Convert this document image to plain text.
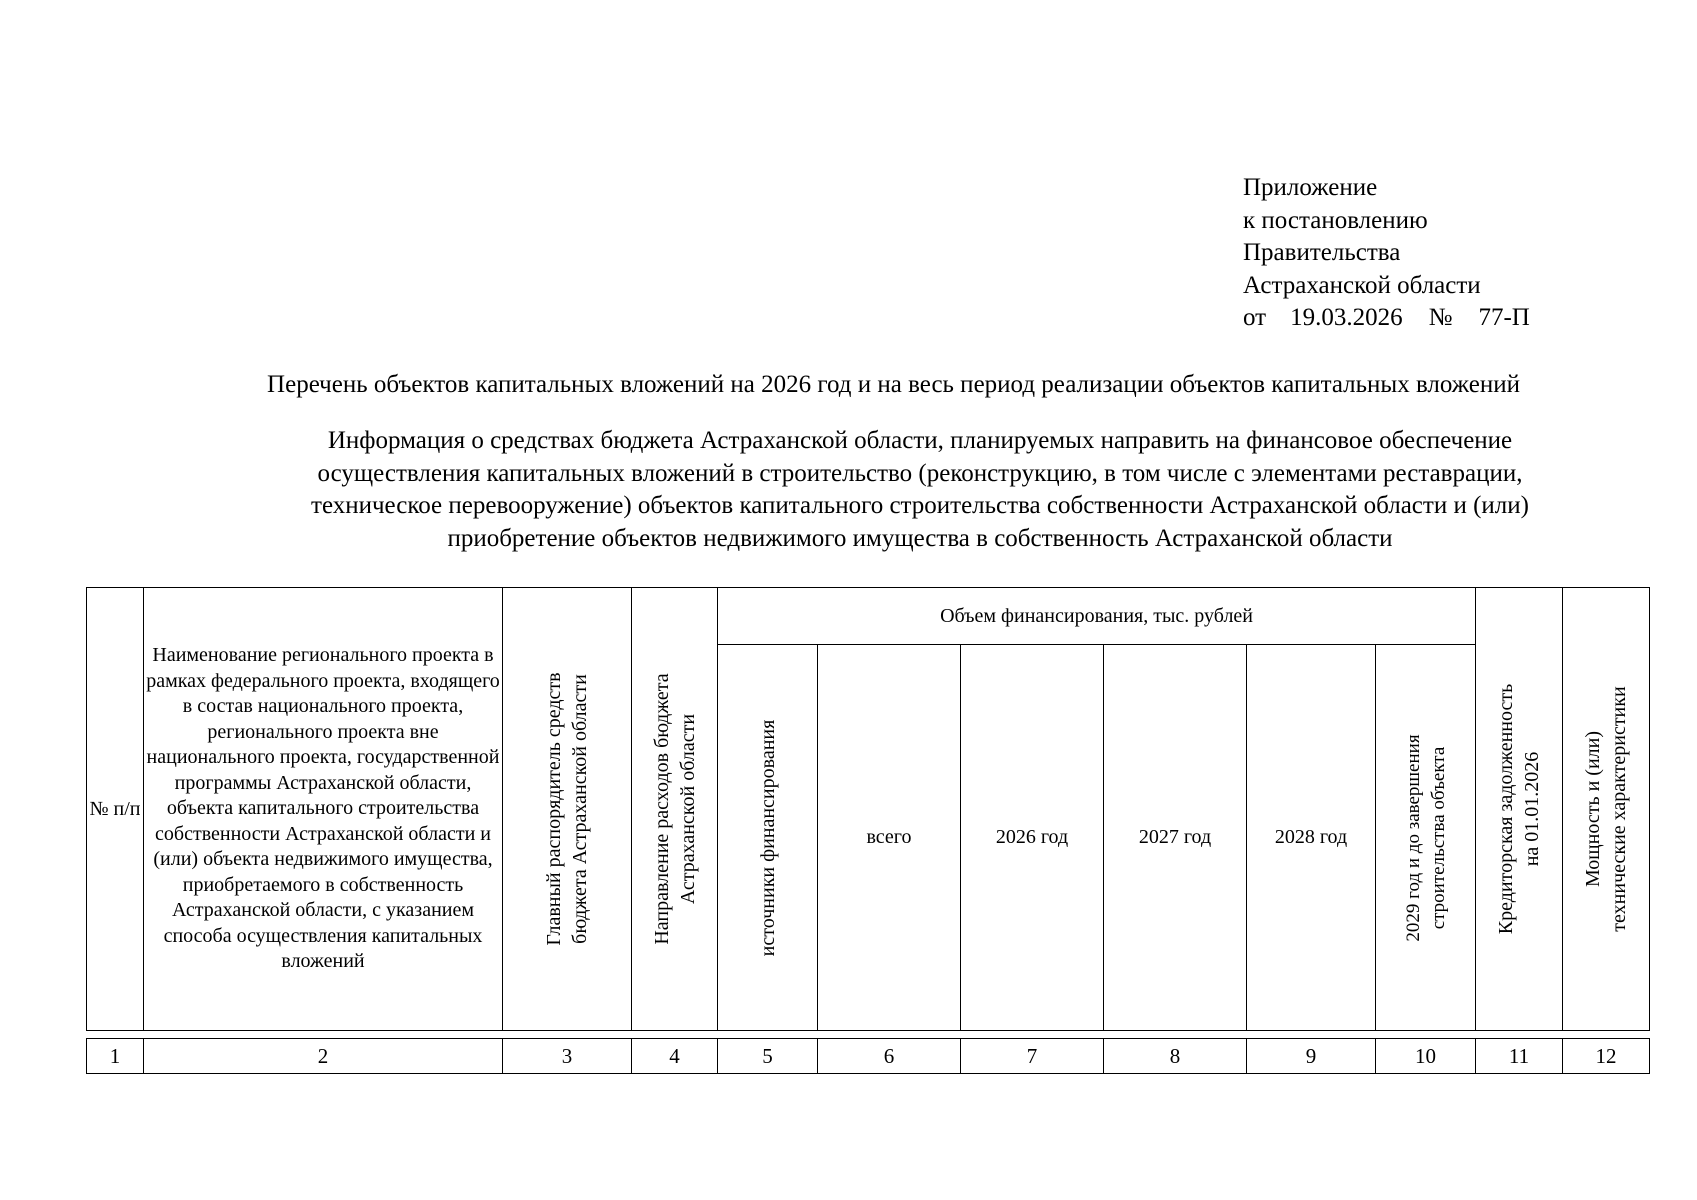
Приложение
к постановлению
Правительства
Астраханской области
от 19.03.2026 № 77-П
Перечень объектов капитальных вложений на 2026 год и на весь период реализации объектов капитальных вложений
Информация о средствах бюджета Астраханской области, планируемых направить на финансовое обеспечение
осуществления капитальных вложений в строительство (реконструкцию, в том числе с элементами реставрации,
техническое перевооружение) объектов капитального строительства собственности Астраханской области и (или)
приобретение объектов недвижимого имущества в собственность Астраханской области
№ п/п	Наименование регионального проекта в рамках федерального проекта, входящего в состав национального проекта, регионального проекта вне национального проекта, государственной программы Астраханской области, объекта капитального строительства собственности Астраханской области и (или) объекта недвижимого имущества, приобретаемого в собственность Астраханской области, с указанием способа осуществления капитальных вложений	Главный распорядитель средств бюджета Астраханской области	Направление расходов бюджета Астраханской области	Объем финансирования, тыс. рублей						Кредиторская задолженность на 01.01.2026	Мощность и (или) технические характеристики

				источники финансирования	всего	2026 год	2027 год	2028 год	2029 год и до завершения строительства объекта		
1	2	3	4	5	6	7	8	9	10	11	12
